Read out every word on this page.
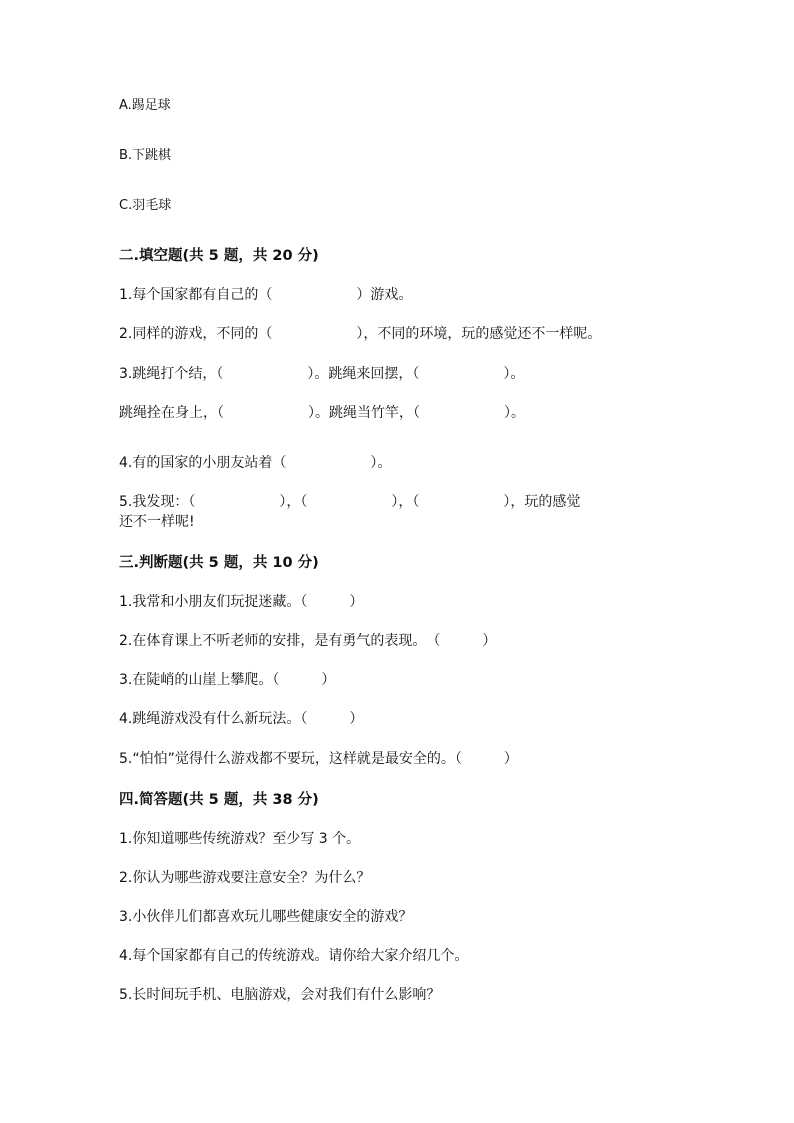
A.踢足球

B.下跳棋

C.羽毛球

二.填空题(共 5 题，共 20 分)

1.每个国家都有自己的（　　　　　　）游戏。

2.同样的游戏，不同的（　　　　　　），不同的环境，玩的感觉还不一样呢。

3.跳绳打个结，（　　　　　　）。跳绳来回摆，（　　　　　　）。

跳绳拴在身上，（　　　　　　）。跳绳当竹竿，（　　　　　　）。

4.有的国家的小朋友站着（　　　　　　）。

5.我发现：（　　　　　　），（　　　　　　），（　　　　　　），玩的感觉
还不一样呢!

三.判断题(共 5 题，共 10 分)

1.我常和小朋友们玩捉迷藏。（　　　）

2.在体育课上不听老师的安排，是有勇气的表现。　（　　　）

3.在陡峭的山崖上攀爬。（　　　）

4.跳绳游戏没有什么新玩法。（　　　）

5.“怕怕”觉得什么游戏都不要玩，这样就是最安全的。（　　　）

四.简答题(共 5 题，共 38 分)

1.你知道哪些传统游戏？至少写 3 个。

2.你认为哪些游戏要注意安全？为什么？

3.小伙伴儿们都喜欢玩儿哪些健康安全的游戏？

4.每个国家都有自己的传统游戏。请你给大家介绍几个。

5.长时间玩手机、电脑游戏，会对我们有什么影响？
